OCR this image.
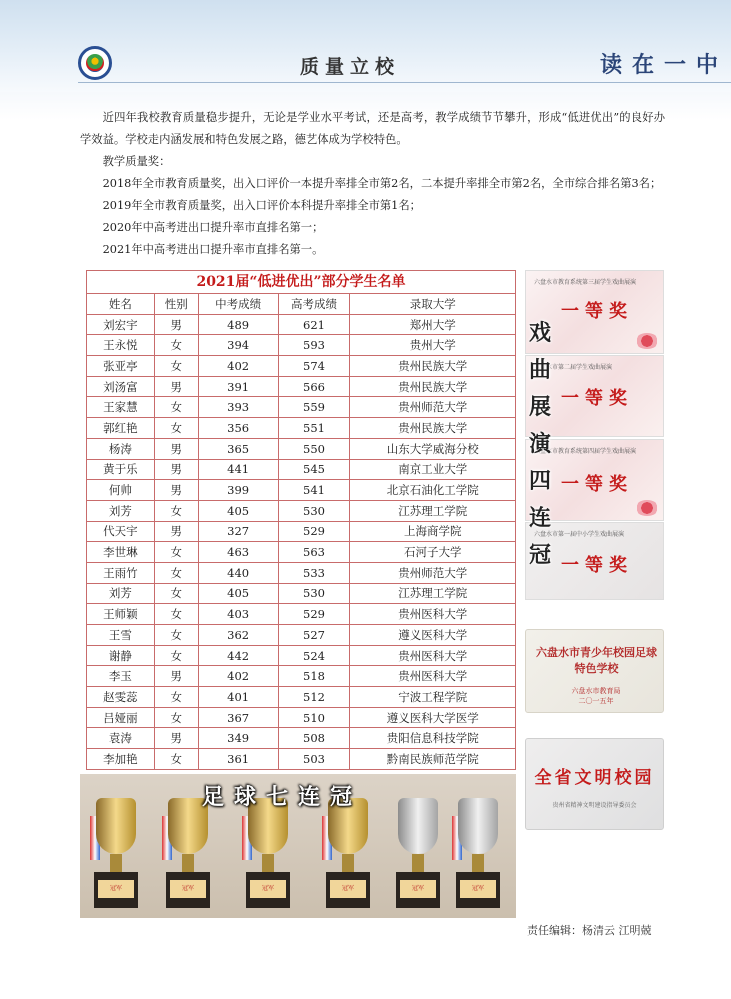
质量立校	读在一中

近四年我校教育质量稳步提升，无论是学业水平考试，还是高考，教学成绩节节攀升，形成“低进优出”的良好办学效益。学校走内涵发展和特色发展之路，德艺体成为学校特色。

教学质量奖：

2018年全市教育质量奖，出入口评价一本提升率排全市第2名，二本提升率排全市第2名，全市综合排名第3名；

2019年全市教育质量奖，出入口评价本科提升率排全市第1名；

2020年中高考进出口提升率市直排名第一；

2021年中高考进出口提升率市直排名第一。

2021届“低进优出”部分学生名单
姓名	性别	中考成绩	高考成绩	录取大学
刘宏宇	男	489	621	郑州大学
王永悦	女	394	593	贵州大学
张亚亭	女	402	574	贵州民族大学
刘汤富	男	391	566	贵州民族大学
王家慧	女	393	559	贵州师范大学
郭红艳	女	356	551	贵州民族大学
杨涛	男	365	550	山东大学威海分校
黄于乐	男	441	545	南京工业大学
何帅	男	399	541	北京石油化工学院
刘芳	女	405	530	江苏理工学院
代天宇	男	327	529	上海商学院
李世琳	女	463	563	石河子大学
王雨竹	女	440	533	贵州师范大学
刘芳	女	405	530	江苏理工学院
王师颖	女	403	529	贵州医科大学
王雪	女	362	527	遵义医科大学
谢静	女	442	524	贵州医科大学
李玉	男	402	518	贵州医科大学
赵雯蕊	女	401	512	宁波工程学院
吕娅丽	女	367	510	遵义医科大学医学
袁涛	男	349	508	贵阳信息科技学院
李加艳	女	361	503	黔南民族师范学院
六盘水市教育系统第三届学生戏曲展演
一等奖
六盘水市第二届学生戏曲展演
一等奖
六盘水市教育系统第四届学生戏曲展演
一等奖
六盘水市第一届中小学生戏曲展演
一等奖
戏曲展演四连冠
六盘水市青少年校园足球特色学校
六盘水市教育局
二〇一五年
全省文明校园
贵州省精神文明建设指导委员会
冠军	冠军	冠军	冠军	冠军	冠军
足球七连冠
责任编辑：杨清云 江明兢
